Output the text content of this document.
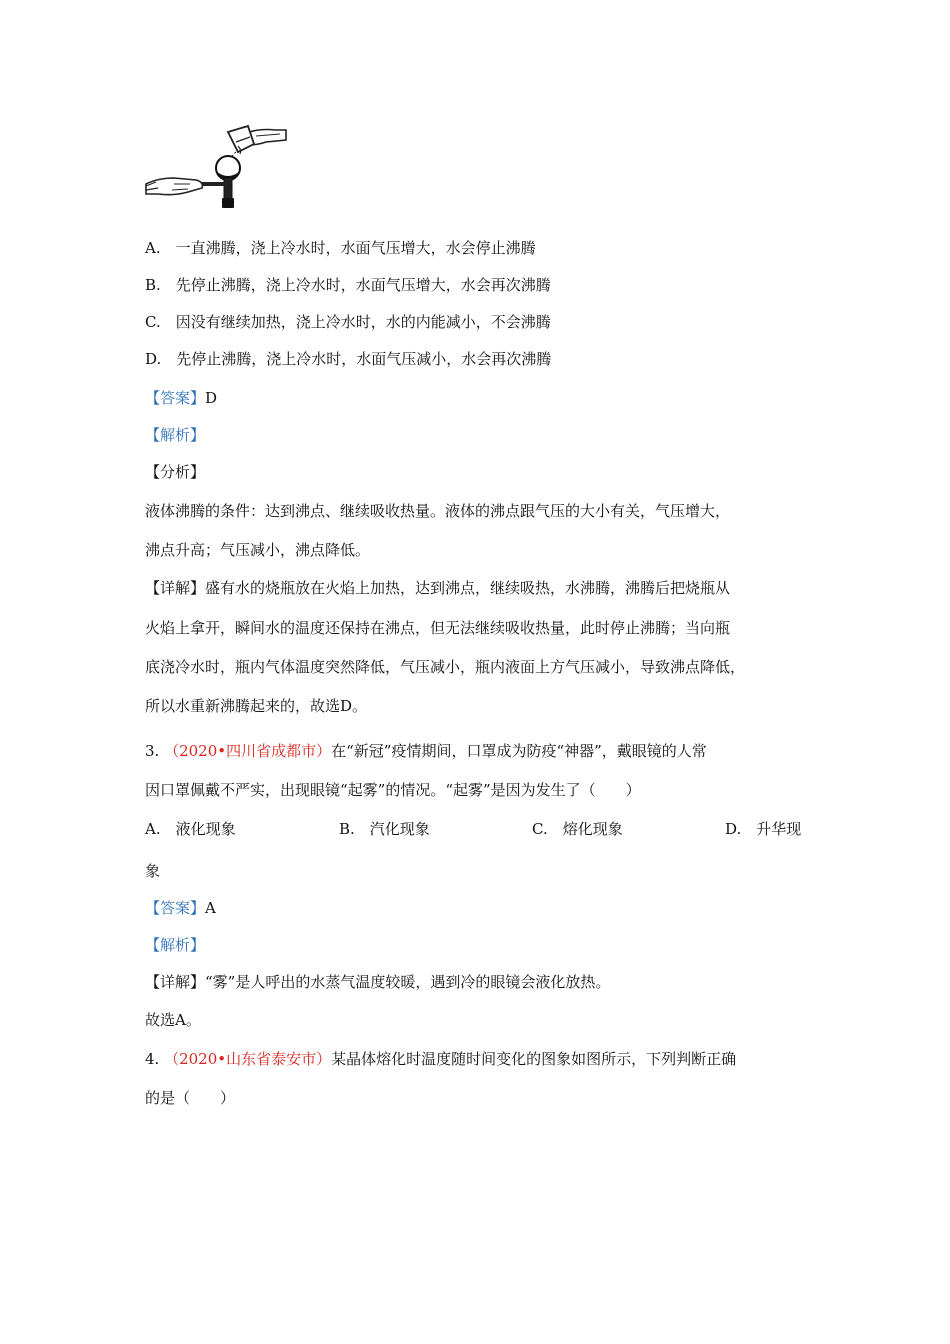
A.　一直沸腾，浇上冷水时，水面气压增大，水会停止沸腾
B.　先停止沸腾，浇上冷水时，水面气压增大，水会再次沸腾
C.　因没有继续加热，浇上冷水时，水的内能减小，不会沸腾
D.　先停止沸腾，浇上冷水时，水面气压减小，水会再次沸腾
【答案】D
【解析】
【分析】
液体沸腾的条件：达到沸点、继续吸收热量。液体的沸点跟气压的大小有关，气压增大，
沸点升高；气压减小，沸点降低。
【详解】盛有水的烧瓶放在火焰上加热，达到沸点，继续吸热，水沸腾，沸腾后把烧瓶从
火焰上拿开，瞬间水的温度还保持在沸点，但无法继续吸收热量，此时停止沸腾；当向瓶
底浇冷水时，瓶内气体温度突然降低，气压减小，瓶内液面上方气压减小，导致沸点降低，
所以水重新沸腾起来的，故选D。
3. （2020•四川省成都市）在“新冠”疫情期间，口罩成为防疫“神器”，戴眼镜的人常
因口罩佩戴不严实，出现眼镜“起雾”的情况。“起雾”是因为发生了（　　）
A.　液化现象	B.　汽化现象	C.　熔化现象	D.　升华现
象
【答案】A
【解析】
【详解】“雾”是人呼出的水蒸气温度较暖，遇到冷的眼镜会液化放热。
故选A。
4. （2020•山东省泰安市）某晶体熔化时温度随时间变化的图象如图所示，下列判断正确
的是（　　）
